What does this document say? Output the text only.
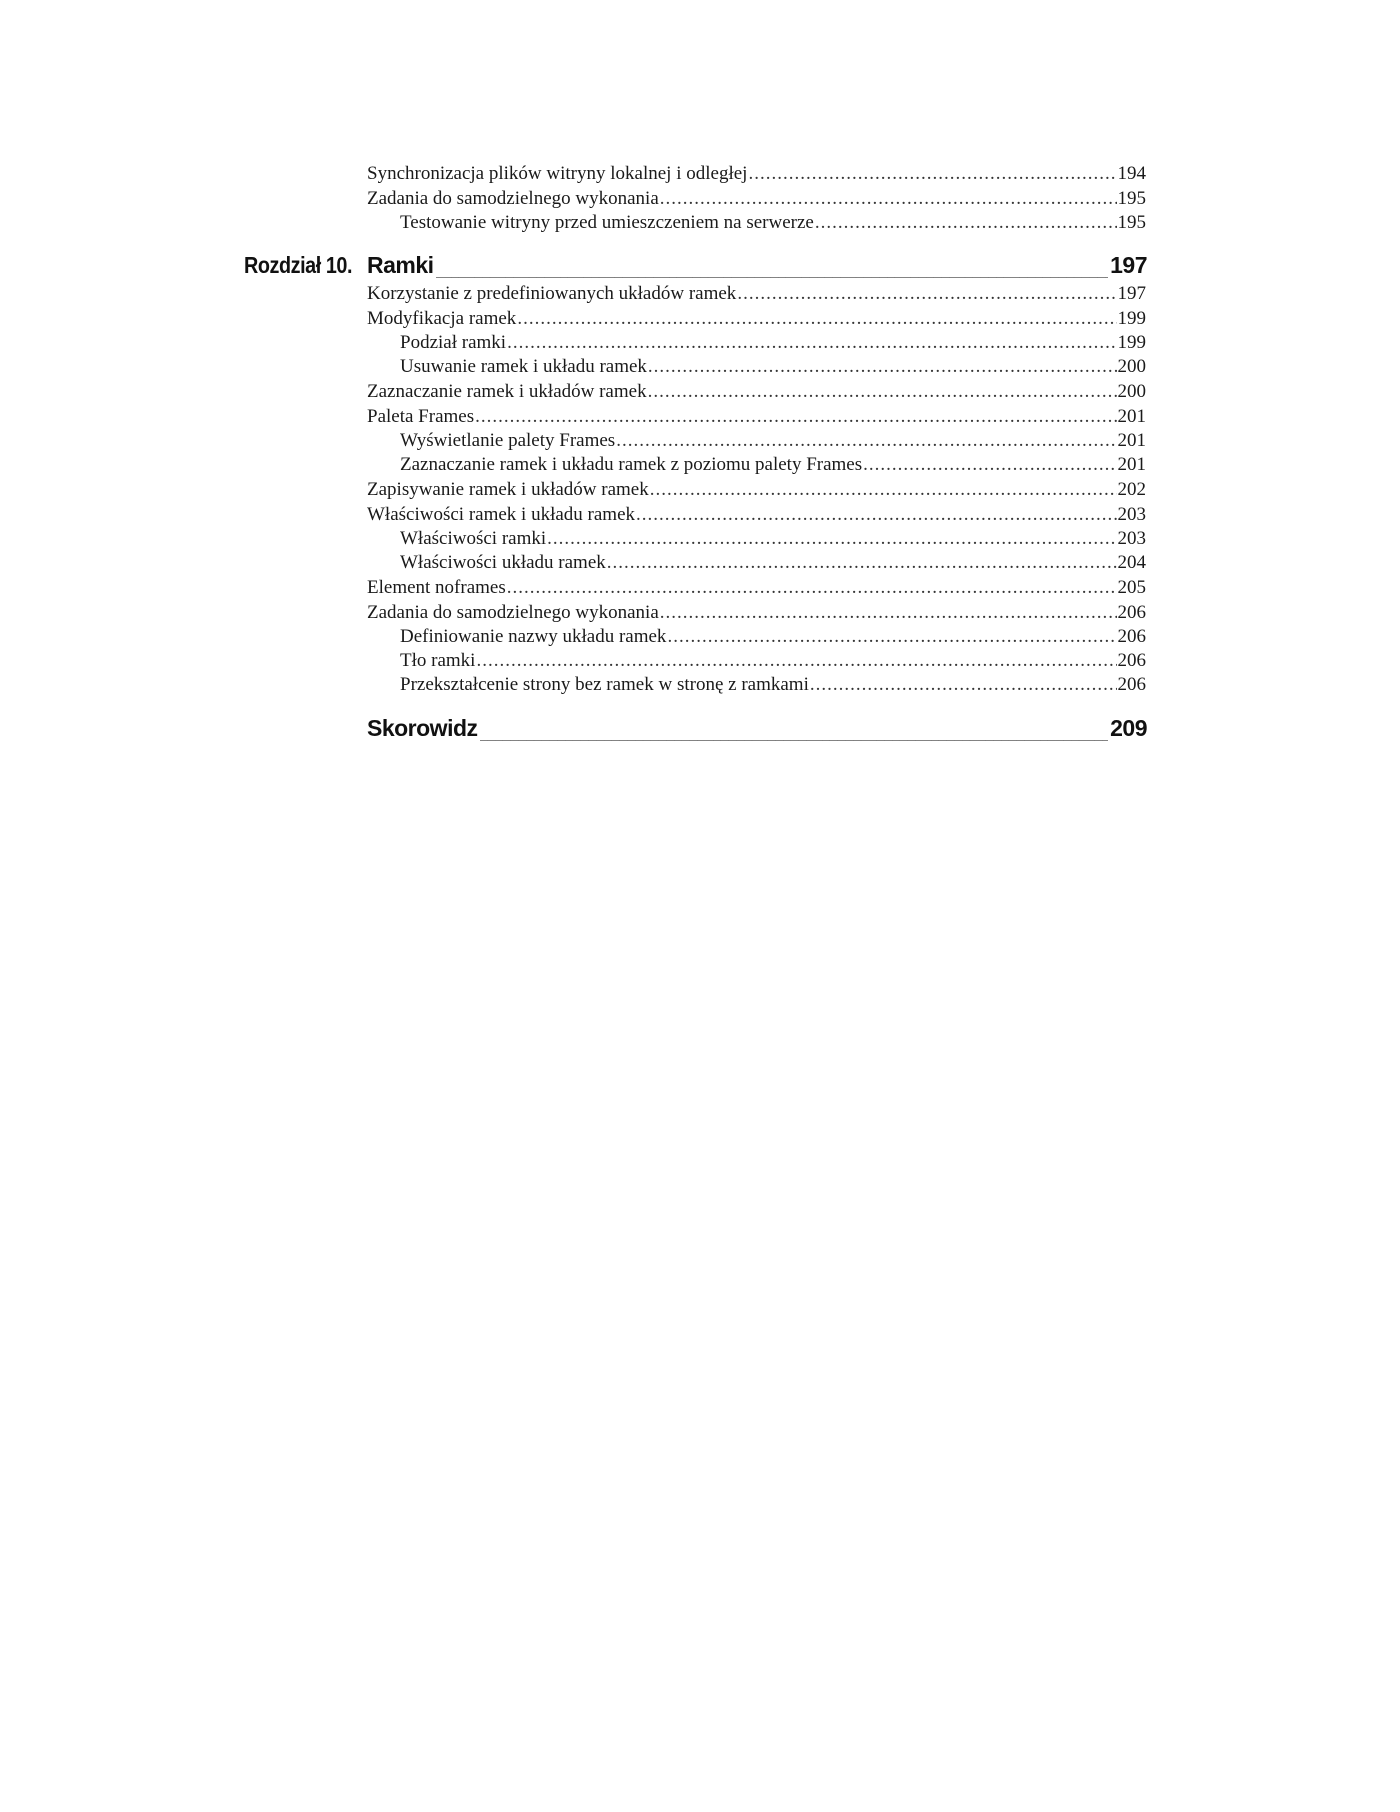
Synchronizacja plików witryny lokalnej i odległej .....	194
Zadania do samodzielnego wykonania .....	195
Testowanie witryny przed umieszczeniem na serwerze .....	195
Rozdział 10. Ramki _____	197
Korzystanie z predefiniowanych układów ramek .....	197
Modyfikacja ramek .....	199
Podział ramki .....	199
Usuwanie ramek i układu ramek .....	200
Zaznaczanie ramek i układów ramek .....	200
Paleta Frames .....	201
Wyświetlanie palety Frames .....	201
Zaznaczanie ramek i układu ramek z poziomu palety Frames .....	201
Zapisywanie ramek i układów ramek .....	202
Właściwości ramek i układu ramek .....	203
Właściwości ramki .....	203
Właściwości układu ramek .....	204
Element noframes .....	205
Zadania do samodzielnego wykonania .....	206
Definiowanie nazwy układu ramek .....	206
Tło ramki .....	206
Przekształcenie strony bez ramek w stronę z ramkami .....	206
Skorowidz _____	209
